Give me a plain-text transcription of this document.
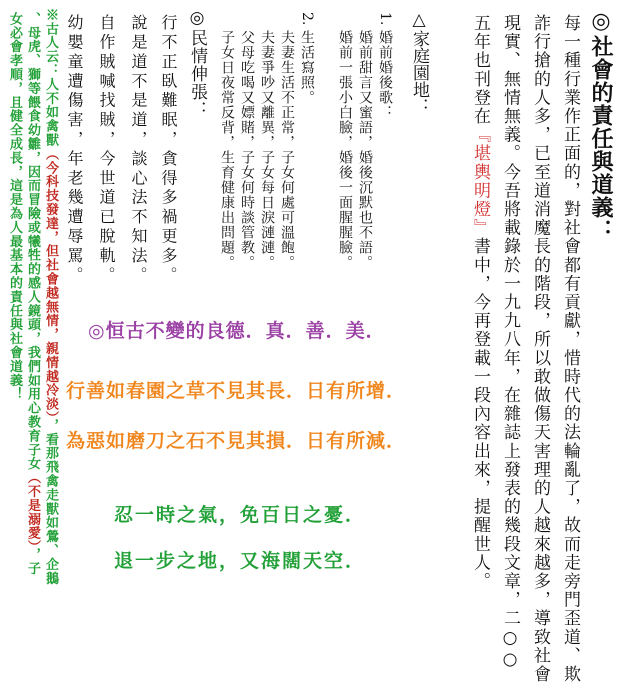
◎社會的責任與道義：
每一種行業作正面的，對社會都有貢獻，惜時代的法輪亂了，故而走旁門歪道、欺
詐行搶的人多，已至道消魔長的階段，所以敢做傷天害理的人越來越多，導致社會
現實、無情無義。今吾將載錄於一九九八年，在雜誌上發表的幾段文章，二○○
五年也刊登在『堪輿明燈』書中，今再登載一段內容出來，提醒世人。
△家庭園地：
1.
婚前婚後歌：
婚前甜言又蜜語，婚後沉默也不語。
婚前一張小白臉，婚後一面腥腥臉。
2.
生活寫照。
夫妻生活不正常，子女何處可溫飽。
夫妻爭吵又離異，子女每日淚漣漣。
父母吃喝又嫖賭，子女何時談管教。
子女日夜常反背，生育健康出問題。
◎民情伸張：
行不正臥難眠，貪得多禍更多。
說是道不是道，談心法不知法。
自作賊喊找賊，今世道已脫軌。
幼嬰童遭傷害，年老幾遭辱罵。
※古人云：人不如禽獸（今科技發達，但社會越無情，親情越冷淡），看那飛禽走獸如鶯、企鵝
、母虎、獅等餵食幼雛，因而冒險或犧牲的感人鏡頭，我們如用心教育子女（不是溺愛），子
女必會孝順，且健全成長，這是為人最基本的責任與社會道義！	◎恒古不變的良德．真．善．美．
行善如春園之草不見其長．日有所增．
為惡如磨刀之石不見其損．日有所減．
忍一時之氣，免百日之憂．
退一步之地，又海闊天空．
